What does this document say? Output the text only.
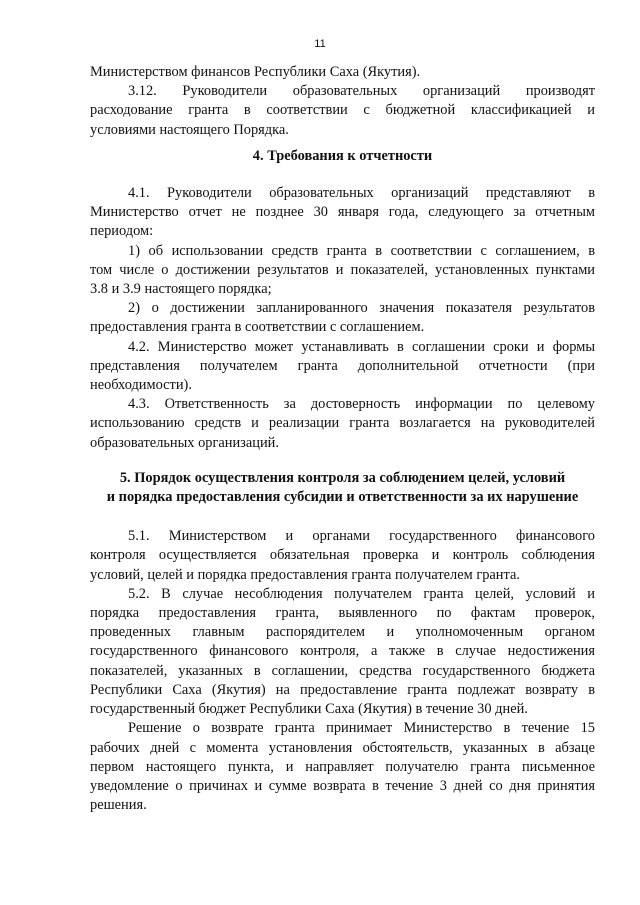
11

Министерством финансов Республики Саха (Якутия).

3.12. Руководители образовательных организаций производят

расходование гранта в соответствии с бюджетной классификацией и

условиями настоящего Порядка.

4. Требования к отчетности

4.1. Руководители образовательных организаций представляют в

Министерство отчет не позднее 30 января года, следующего за отчетным

периодом:

1) об использовании средств гранта в соответствии с соглашением, в

том числе о достижении результатов и показателей, установленных пунктами

3.8 и 3.9 настоящего порядка;

2) о достижении запланированного значения показателя результатов

предоставления гранта в соответствии с соглашением.

4.2. Министерство может устанавливать в соглашении сроки и формы

представления получателем гранта дополнительной отчетности (при

необходимости).

4.3. Ответственность за достоверность информации по целевому

использованию средств и реализации гранта возлагается на руководителей

образовательных организаций.

5. Порядок осуществления контроля за соблюдением целей, условий

и порядка предоставления субсидии и ответственности за их нарушение

5.1. Министерством и органами государственного финансового

контроля осуществляется обязательная проверка и контроль соблюдения

условий, целей и порядка предоставления гранта получателем гранта.

5.2. В случае несоблюдения получателем гранта целей, условий и

порядка предоставления гранта, выявленного по фактам проверок,

проведенных главным распорядителем и уполномоченным органом

государственного финансового контроля, а также в случае недостижения

показателей, указанных в соглашении, средства государственного бюджета

Республики Саха (Якутия) на предоставление гранта подлежат возврату в

государственный бюджет Республики Саха (Якутия) в течение 30 дней.

Решение о возврате гранта принимает Министерство в течение 15

рабочих дней с момента установления обстоятельств, указанных в абзаце

первом настоящего пункта, и направляет получателю гранта письменное

уведомление о причинах и сумме возврата в течение 3 дней со дня принятия

решения.
